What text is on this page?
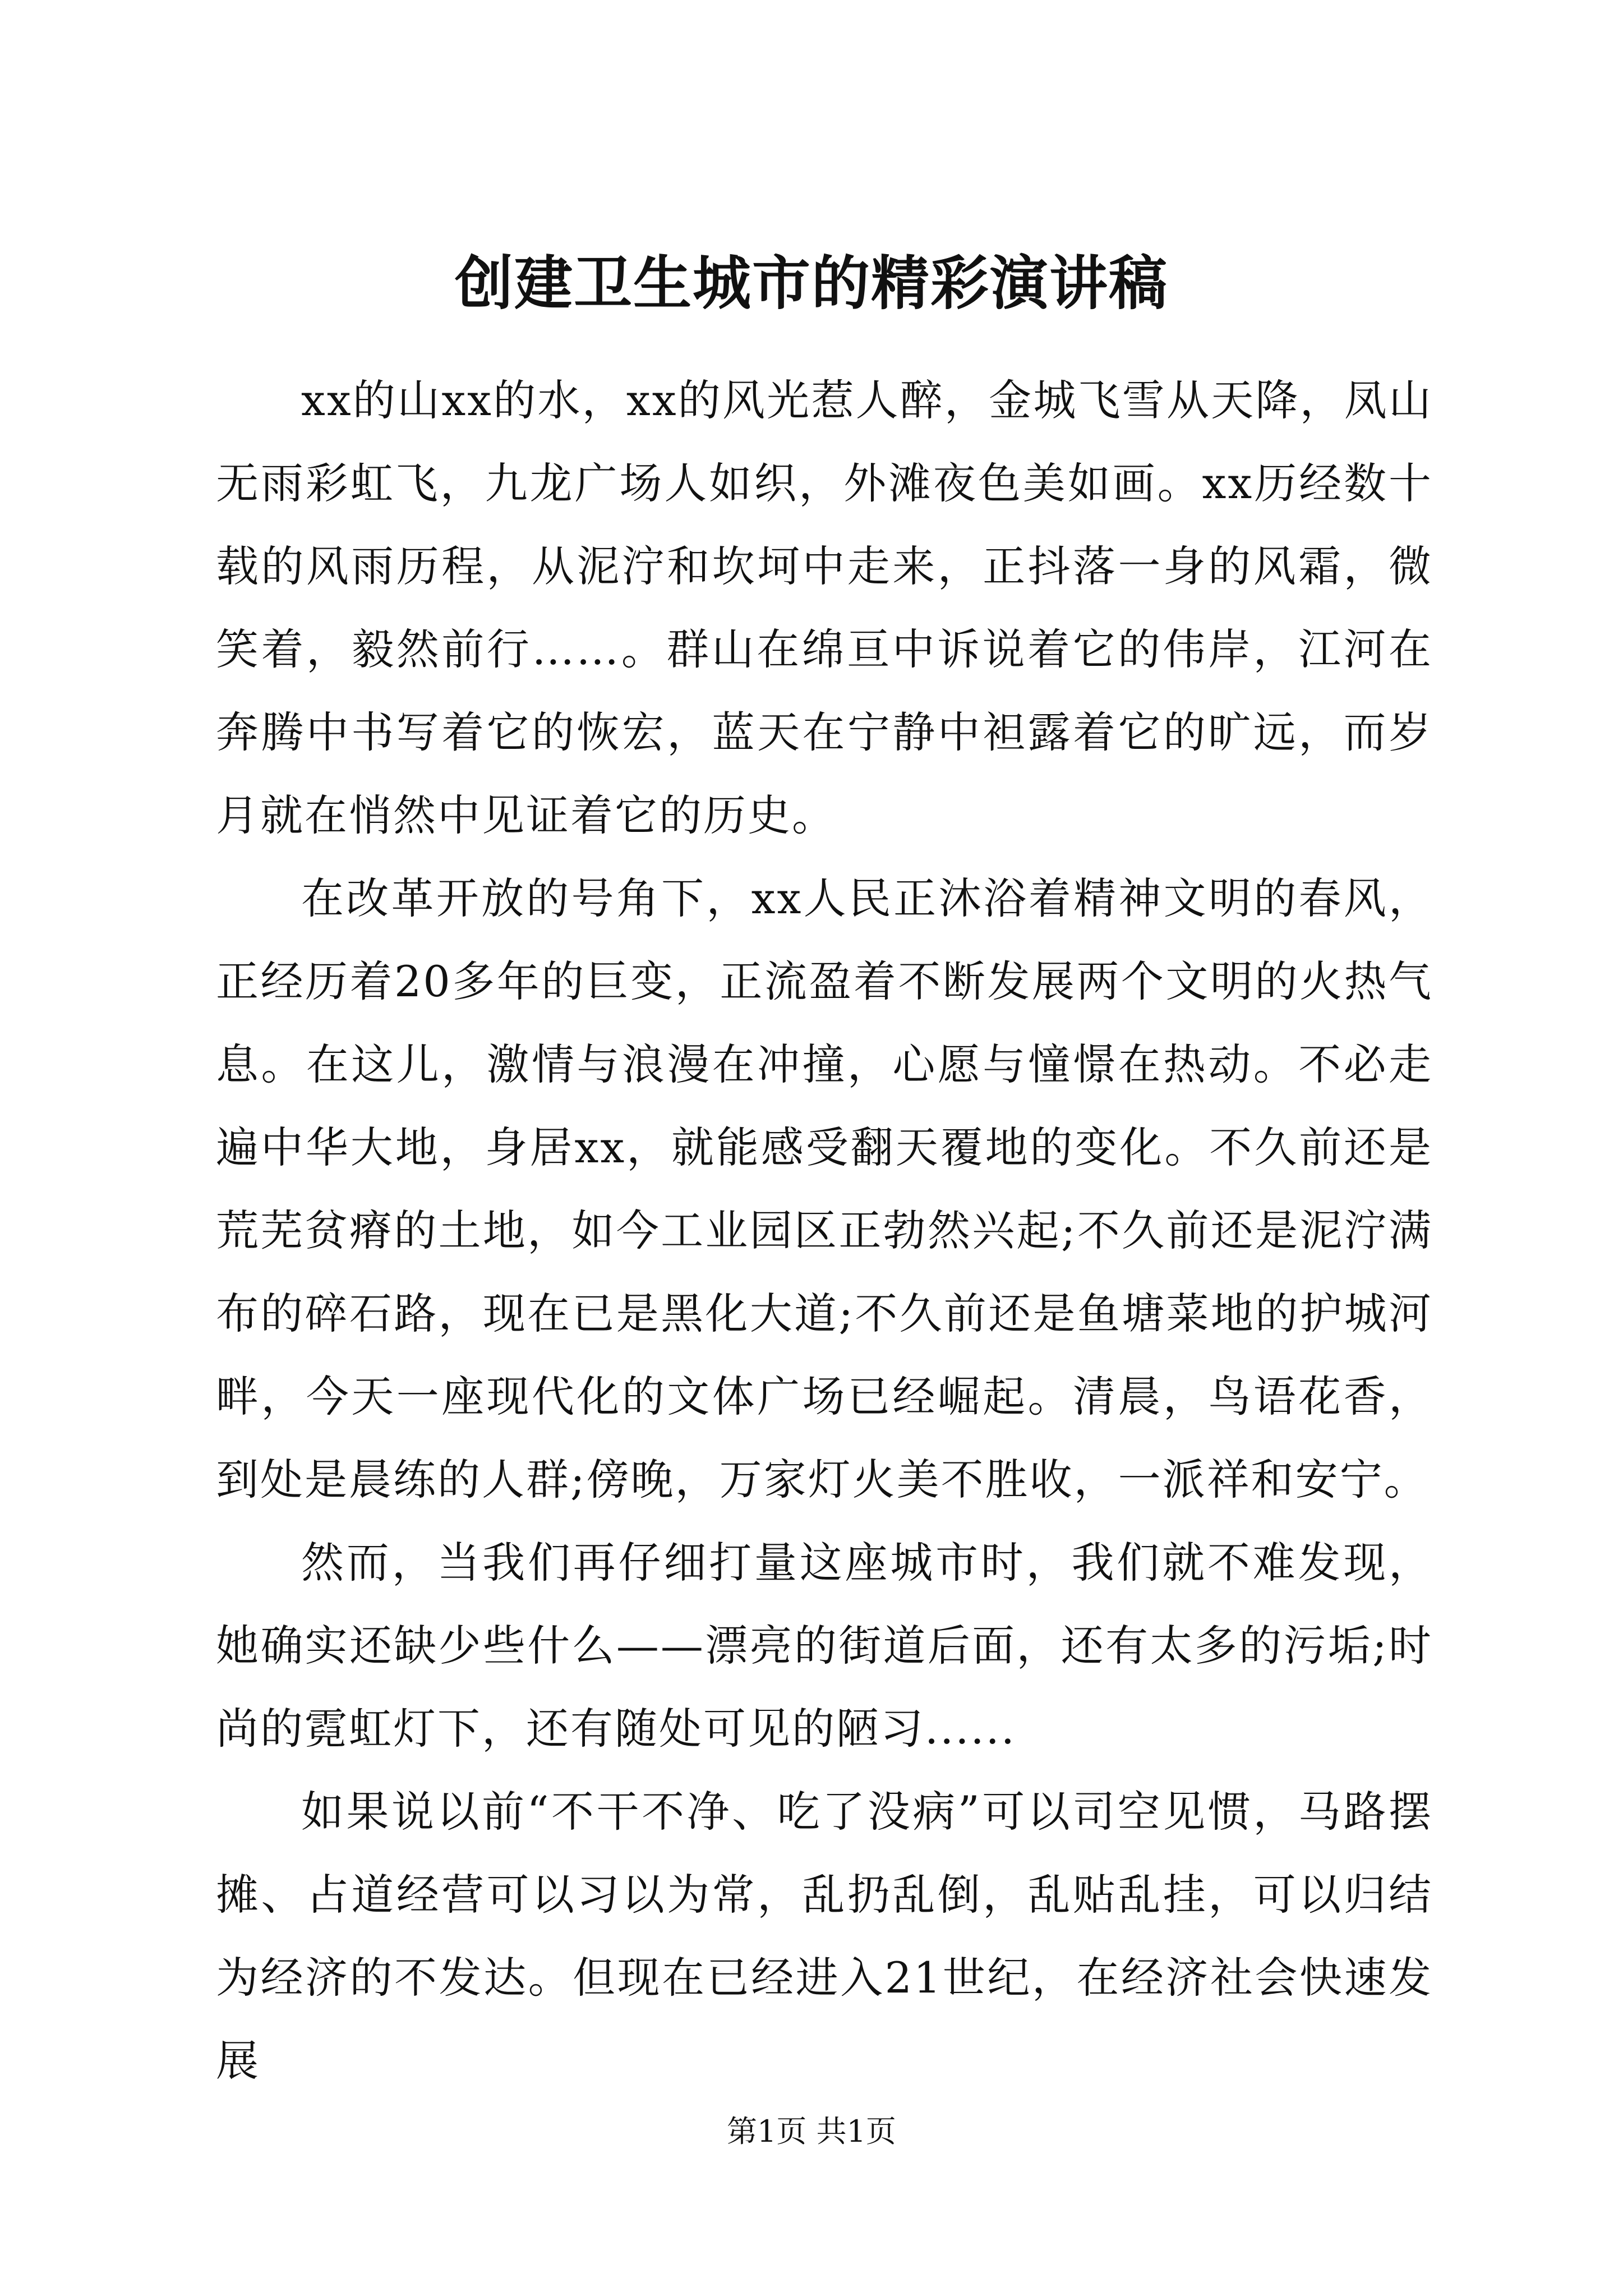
创建卫生城市的精彩演讲稿

xx的山xx的水，xx的风光惹人醉，金城飞雪从天降，凤山无雨彩虹飞，九龙广场人如织，外滩夜色美如画。xx历经数十载的风雨历程，从泥泞和坎坷中走来，正抖落一身的风霜，微笑着，毅然前行……。群山在绵亘中诉说着它的伟岸，江河在奔腾中书写着它的恢宏，蓝天在宁静中袒露着它的旷远，而岁月就在悄然中见证着它的历史。

在改革开放的号角下，xx人民正沐浴着精神文明的春风，正经历着20多年的巨变，正流盈着不断发展两个文明的火热气息。在这儿，激情与浪漫在冲撞，心愿与憧憬在热动。不必走遍中华大地，身居xx，就能感受翻天覆地的变化。不久前还是荒芜贫瘠的土地，如今工业园区正勃然兴起;不久前还是泥泞满布的碎石路，现在已是黑化大道;不久前还是鱼塘菜地的护城河畔，今天一座现代化的文体广场已经崛起。清晨，鸟语花香，到处是晨练的人群;傍晚，万家灯火美不胜收，一派祥和安宁。

然而，当我们再仔细打量这座城市时，我们就不难发现，她确实还缺少些什么——漂亮的街道后面，还有太多的污垢;时尚的霓虹灯下，还有随处可见的陋习......

如果说以前“不干不净、吃了没病”可以司空见惯，马路摆摊、占道经营可以习以为常，乱扔乱倒，乱贴乱挂，可以归结为经济的不发达。但现在已经进入21世纪，在经济社会快速发展

第1页 共1页
